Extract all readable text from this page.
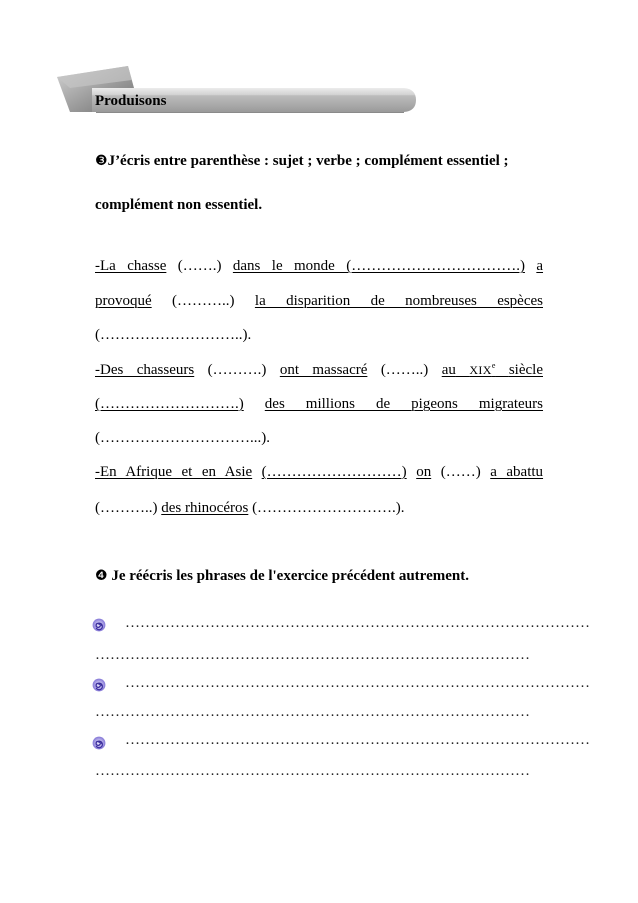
Produisons
❸J’écris entre parenthèse : sujet ; verbe ; complément essentiel ;
complément non essentiel.
-La chasse (…….) dans le monde (…………………………….) a
provoqué (………..) la disparition de nombreuses espèces
(………………………..).
-Des chasseurs (……….) ont massacré (……..) au XIXe siècle
(……………………….) des millions de pigeons migrateurs
(…………………………...).
-En Afrique et en Asie (………………………) on (……) a abattu
(………..) des rhinocéros (……………………….).
❹ Je réécris les phrases de l'exercice précédent autrement.
…………………………………………………………………………………
……………………………………………………………………………
…………………………………………………………………………………
……………………………………………………………………………
…………………………………………………………………………………
……………………………………………………………………………
